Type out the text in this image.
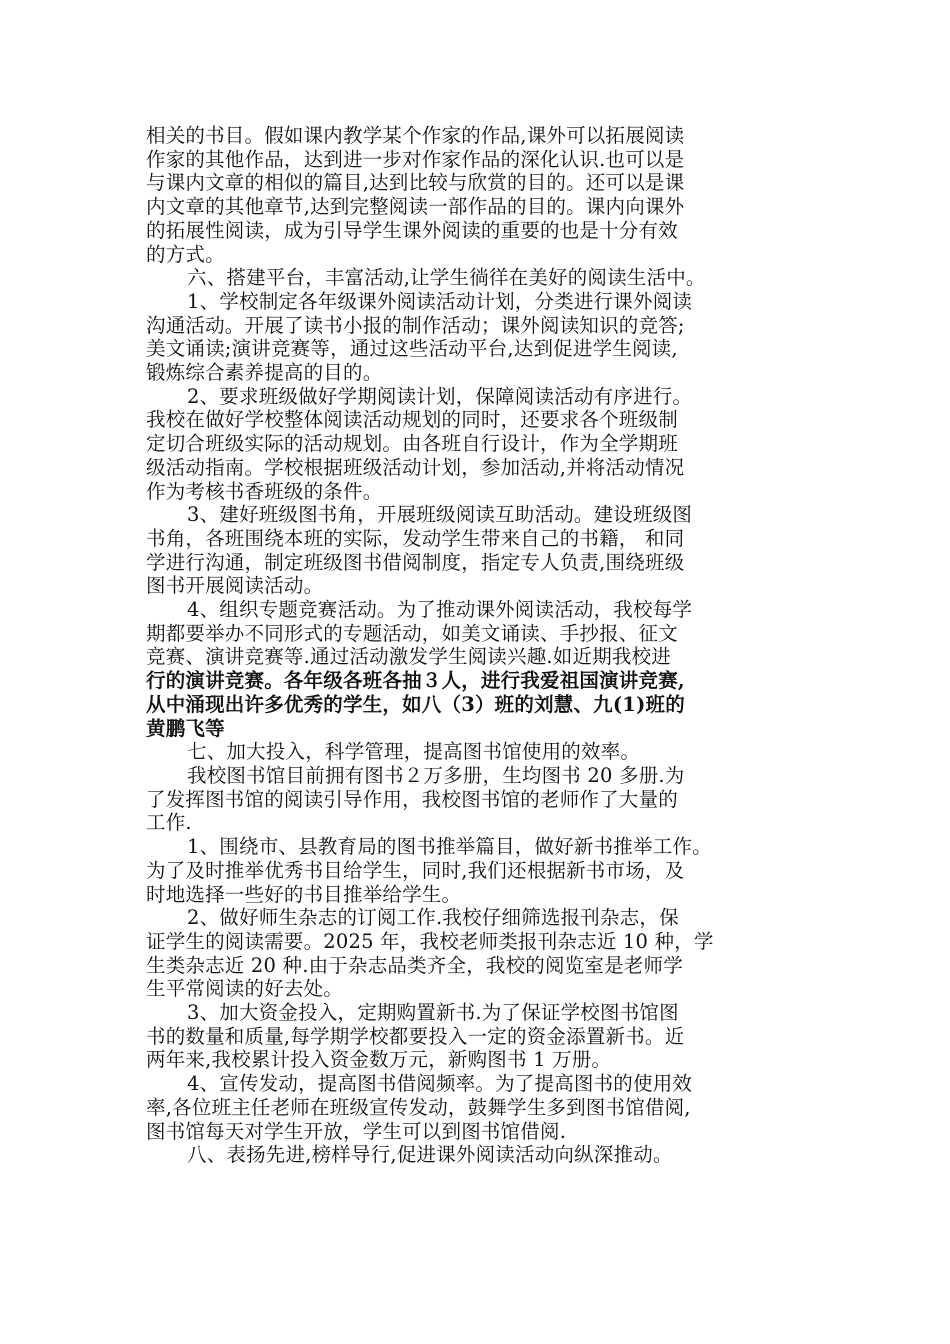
相关的书目。假如课内教学某个作家的作品,课外可以拓展阅读
作家的其他作品，达到进一步对作家作品的深化认识.也可以是
与课内文章的相似的篇目,达到比较与欣赏的目的。还可以是课
内文章的其他章节,达到完整阅读一部作品的目的。课内向课外
的拓展性阅读，成为引导学生课外阅读的重要的也是十分有效
的方式。
六、搭建平台，丰富活动,让学生徜徉在美好的阅读生活中。
1、学校制定各年级课外阅读活动计划，分类进行课外阅读
沟通活动。开展了读书小报的制作活动；课外阅读知识的竞答;
美文诵读;演讲竞赛等，通过这些活动平台,达到促进学生阅读,
锻炼综合素养提高的目的。
2、要求班级做好学期阅读计划，保障阅读活动有序进行。
我校在做好学校整体阅读活动规划的同时，还要求各个班级制
定切合班级实际的活动规划。由各班自行设计，作为全学期班
级活动指南。学校根据班级活动计划，参加活动,并将活动情况
作为考核书香班级的条件。
3、建好班级图书角，开展班级阅读互助活动。建设班级图
书角，各班围绕本班的实际，发动学生带来自己的书籍， 和同
学进行沟通，制定班级图书借阅制度，指定专人负责,围绕班级
图书开展阅读活动。
4、组织专题竞赛活动。为了推动课外阅读活动，我校每学
期都要举办不同形式的专题活动，如美文诵读、手抄报、征文
竞赛、演讲竞赛等.通过活动激发学生阅读兴趣.如近期我校进
行的演讲竞赛。各年级各班各抽３人，进行我爱祖国演讲竞赛,
从中涌现出许多优秀的学生，如八（3）班的刘慧、九(1)班的
黄鹏飞等
七、加大投入，科学管理，提高图书馆使用的效率。
我校图书馆目前拥有图书２万多册，生均图书 20 多册.为
了发挥图书馆的阅读引导作用，我校图书馆的老师作了大量的
工作.
1、围绕市、县教育局的图书推举篇目，做好新书推举工作。
为了及时推举优秀书目给学生，同时,我们还根据新书市场，及
时地选择一些好的书目推举给学生。
2、做好师生杂志的订阅工作.我校仔细筛选报刊杂志，保
证学生的阅读需要。2025 年，我校老师类报刊杂志近 10 种，学
生类杂志近 20 种.由于杂志品类齐全，我校的阅览室是老师学
生平常阅读的好去处。
3、加大资金投入，定期购置新书.为了保证学校图书馆图
书的数量和质量,每学期学校都要投入一定的资金添置新书。近
两年来,我校累计投入资金数万元，新购图书 1 万册。
4、宣传发动，提高图书借阅频率。为了提高图书的使用效
率,各位班主任老师在班级宣传发动，鼓舞学生多到图书馆借阅,
图书馆每天对学生开放，学生可以到图书馆借阅.
八、表扬先进,榜样导行,促进课外阅读活动向纵深推动。
